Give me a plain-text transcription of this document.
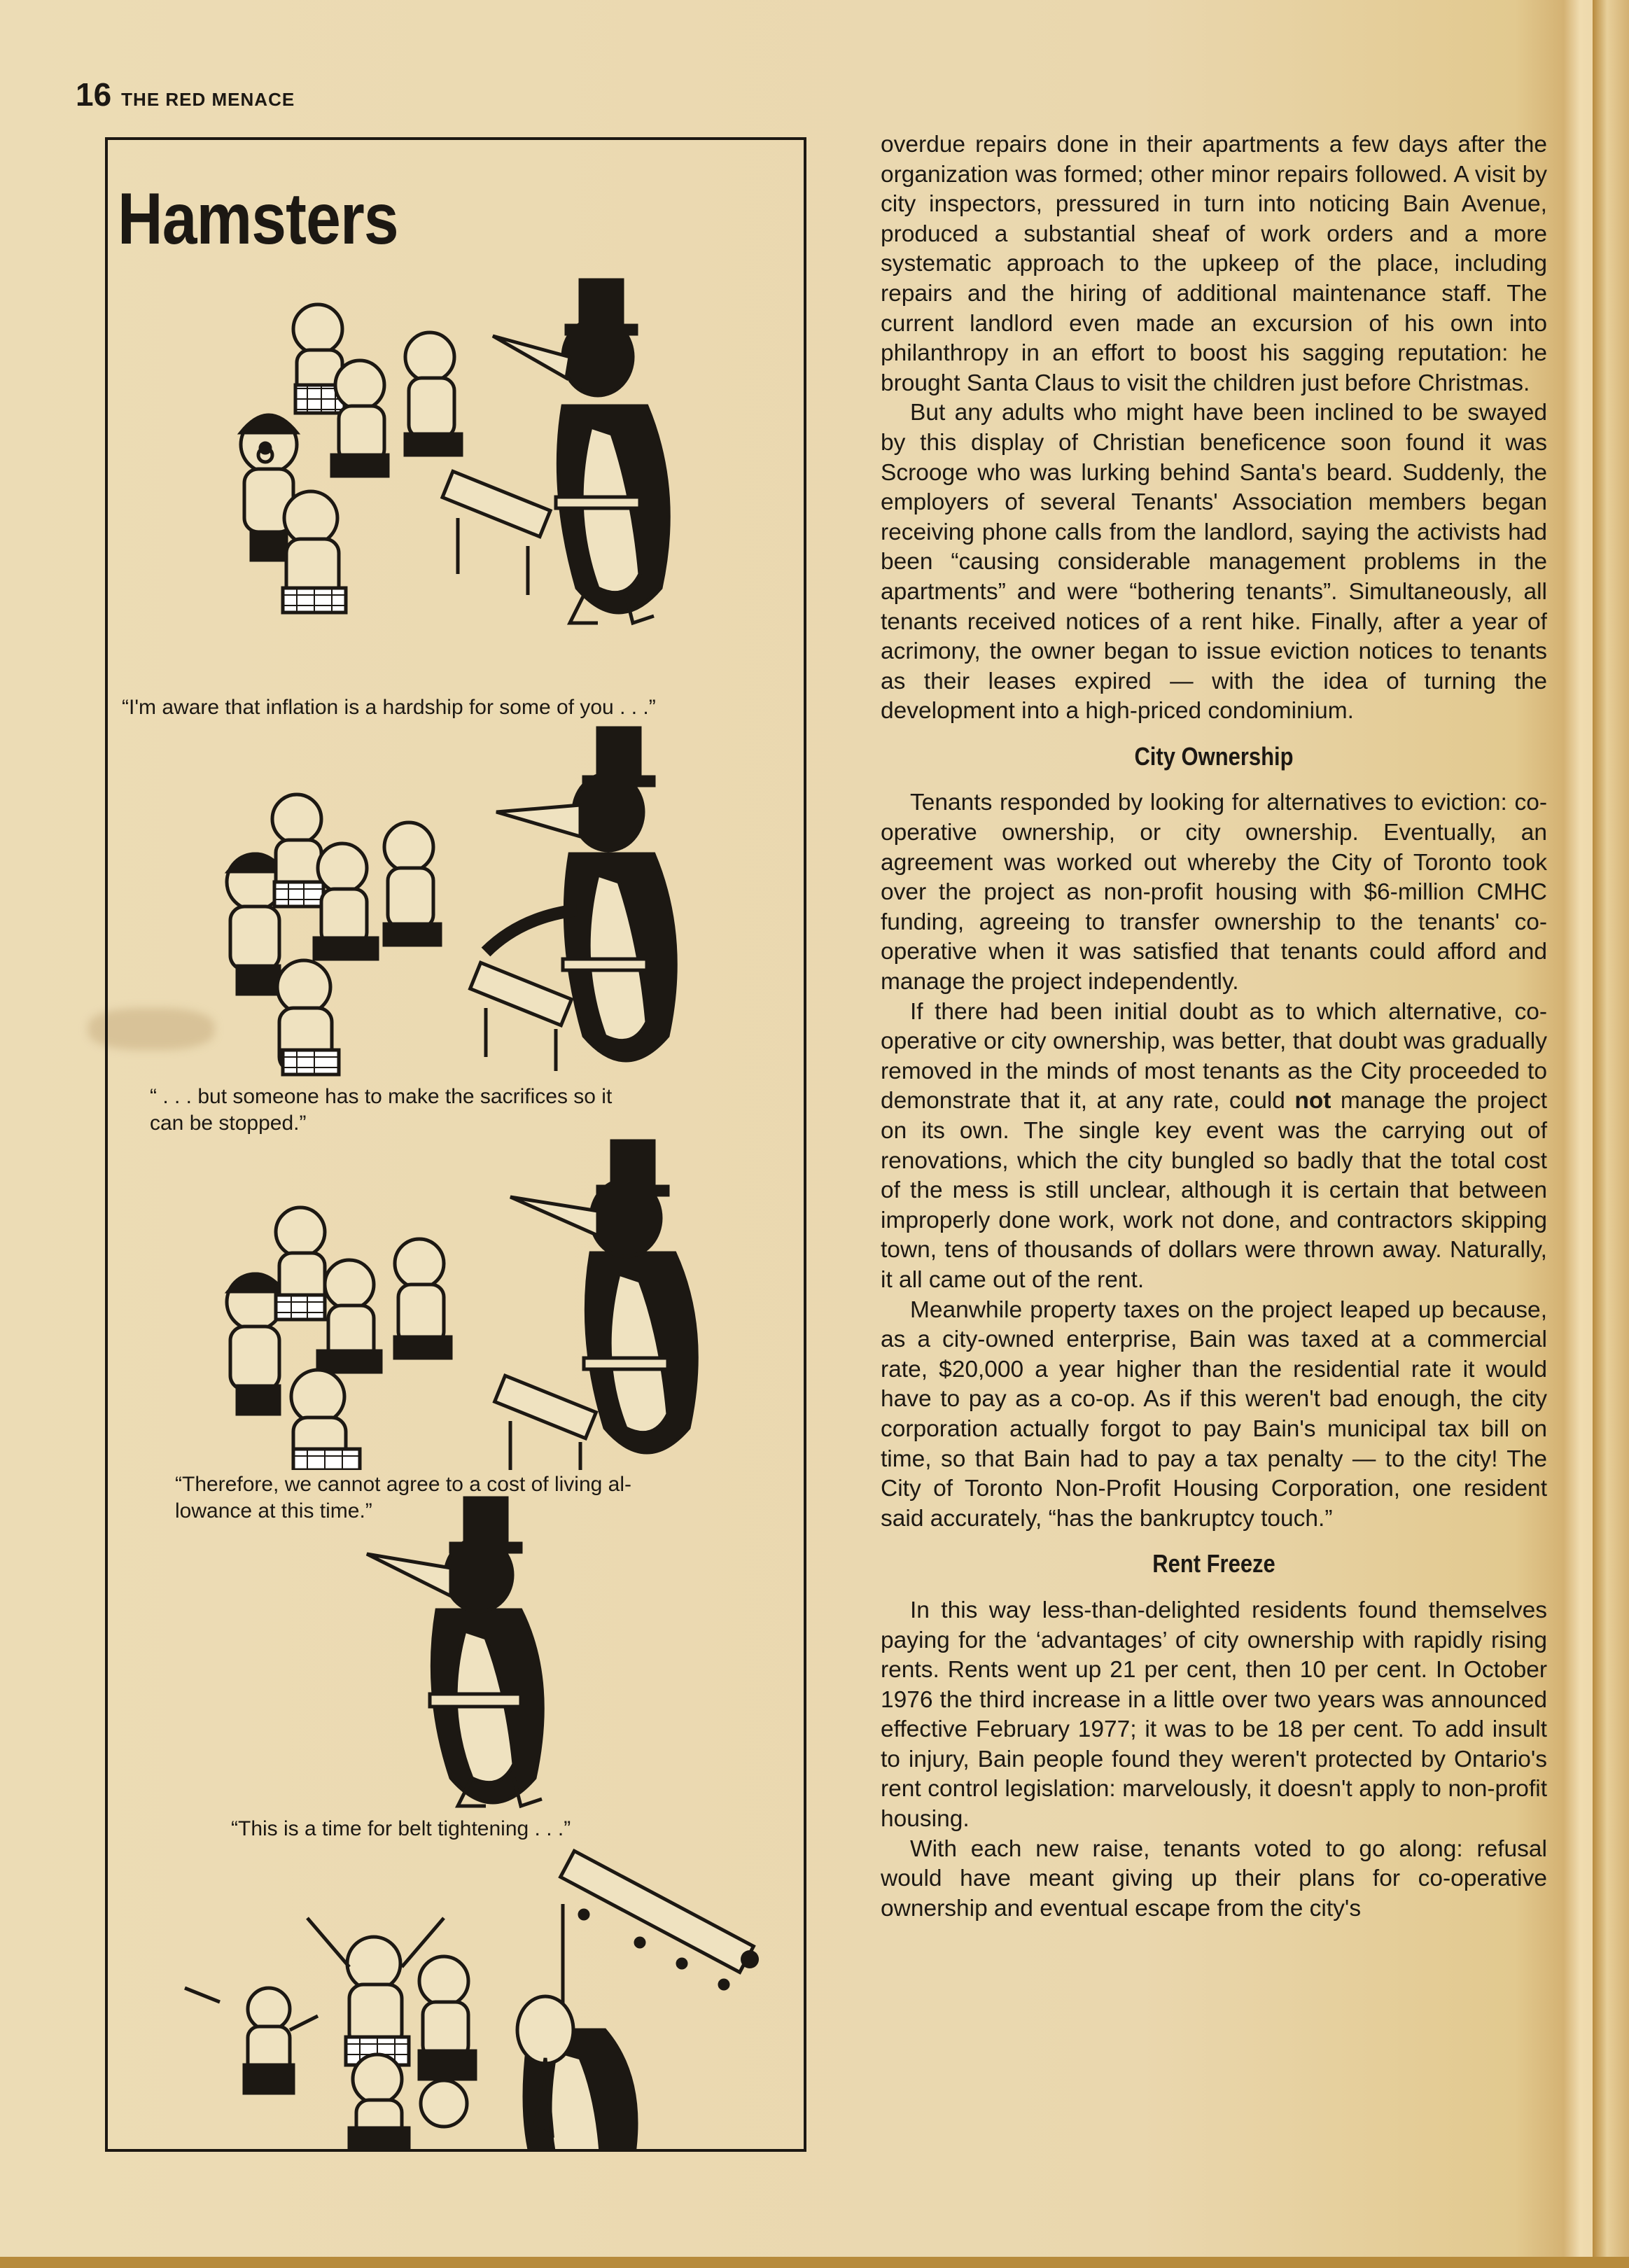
16 THE RED MENACE
Hamsters
“I'm aware that inflation is a hardship for some of you . . .”
“ . . . but someone has to make the sacrifices so it
can be stopped.”
“Therefore, we cannot agree to a cost of living al-
lowance at this time.”
“This is a time for belt tightening . . .”

overdue repairs done in their apartments a few days after the organization was formed; other minor repairs followed. A visit by city inspectors, pressured in turn into noticing Bain Avenue, produced a substantial sheaf of work orders and a more systematic approach to the upkeep of the place, including repairs and the hiring of additional maintenance staff. The current landlord even made an excursion of his own into philanthropy in an effort to boost his sagging reputation: he brought Santa Claus to visit the children just before Christmas.

But any adults who might have been inclined to be swayed by this display of Christian beneficence soon found it was Scrooge who was lurking behind Santa's beard. Suddenly, the employers of several Tenants' Association members began receiving phone calls from the landlord, saying the activists had been “causing considerable management problems in the apartments” and were “bothering tenants”. Simultaneously, all tenants received notices of a rent hike. Finally, after a year of acrimony, the owner began to issue eviction notices to tenants as their leases expired — with the idea of turning the development into a high-priced condominium.

City Ownership

Tenants responded by looking for alternatives to eviction: co-operative ownership, or city ownership. Eventually, an agreement was worked out whereby the City of Toronto took over the project as non-profit housing with $6-million CMHC funding, agreeing to transfer ownership to the tenants' co-operative when it was satisfied that tenants could afford and manage the project independently.

If there had been initial doubt as to which alternative, co-operative or city ownership, was better, that doubt was gradually removed in the minds of most tenants as the City proceeded to demonstrate that it, at any rate, could not manage the project on its own. The single key event was the carrying out of renovations, which the city bungled so badly that the total cost of the mess is still unclear, although it is certain that between improperly done work, work not done, and contractors skipping town, tens of thousands of dollars were thrown away. Naturally, it all came out of the rent.

Meanwhile property taxes on the project leaped up because, as a city-owned enterprise, Bain was taxed at a commercial rate, $20,000 a year higher than the residential rate it would have to pay as a co-op. As if this weren't bad enough, the city corporation actually forgot to pay Bain's municipal tax bill on time, so that Bain had to pay a tax penalty — to the city! The City of Toronto Non-Profit Housing Corporation, one resident said accurately, “has the bankruptcy touch.”

Rent Freeze

In this way less-than-delighted residents found themselves paying for the ‘advantages’ of city ownership with rapidly rising rents. Rents went up 21 per cent, then 10 per cent. In October 1976 the third increase in a little over two years was announced effective February 1977; it was to be 18 per cent. To add insult to injury, Bain people found they weren't protected by Ontario's rent control legislation: marvelously, it doesn't apply to non-profit housing.

With each new raise, tenants voted to go along: refusal would have meant giving up their plans for co-operative ownership and eventual escape from the city's
